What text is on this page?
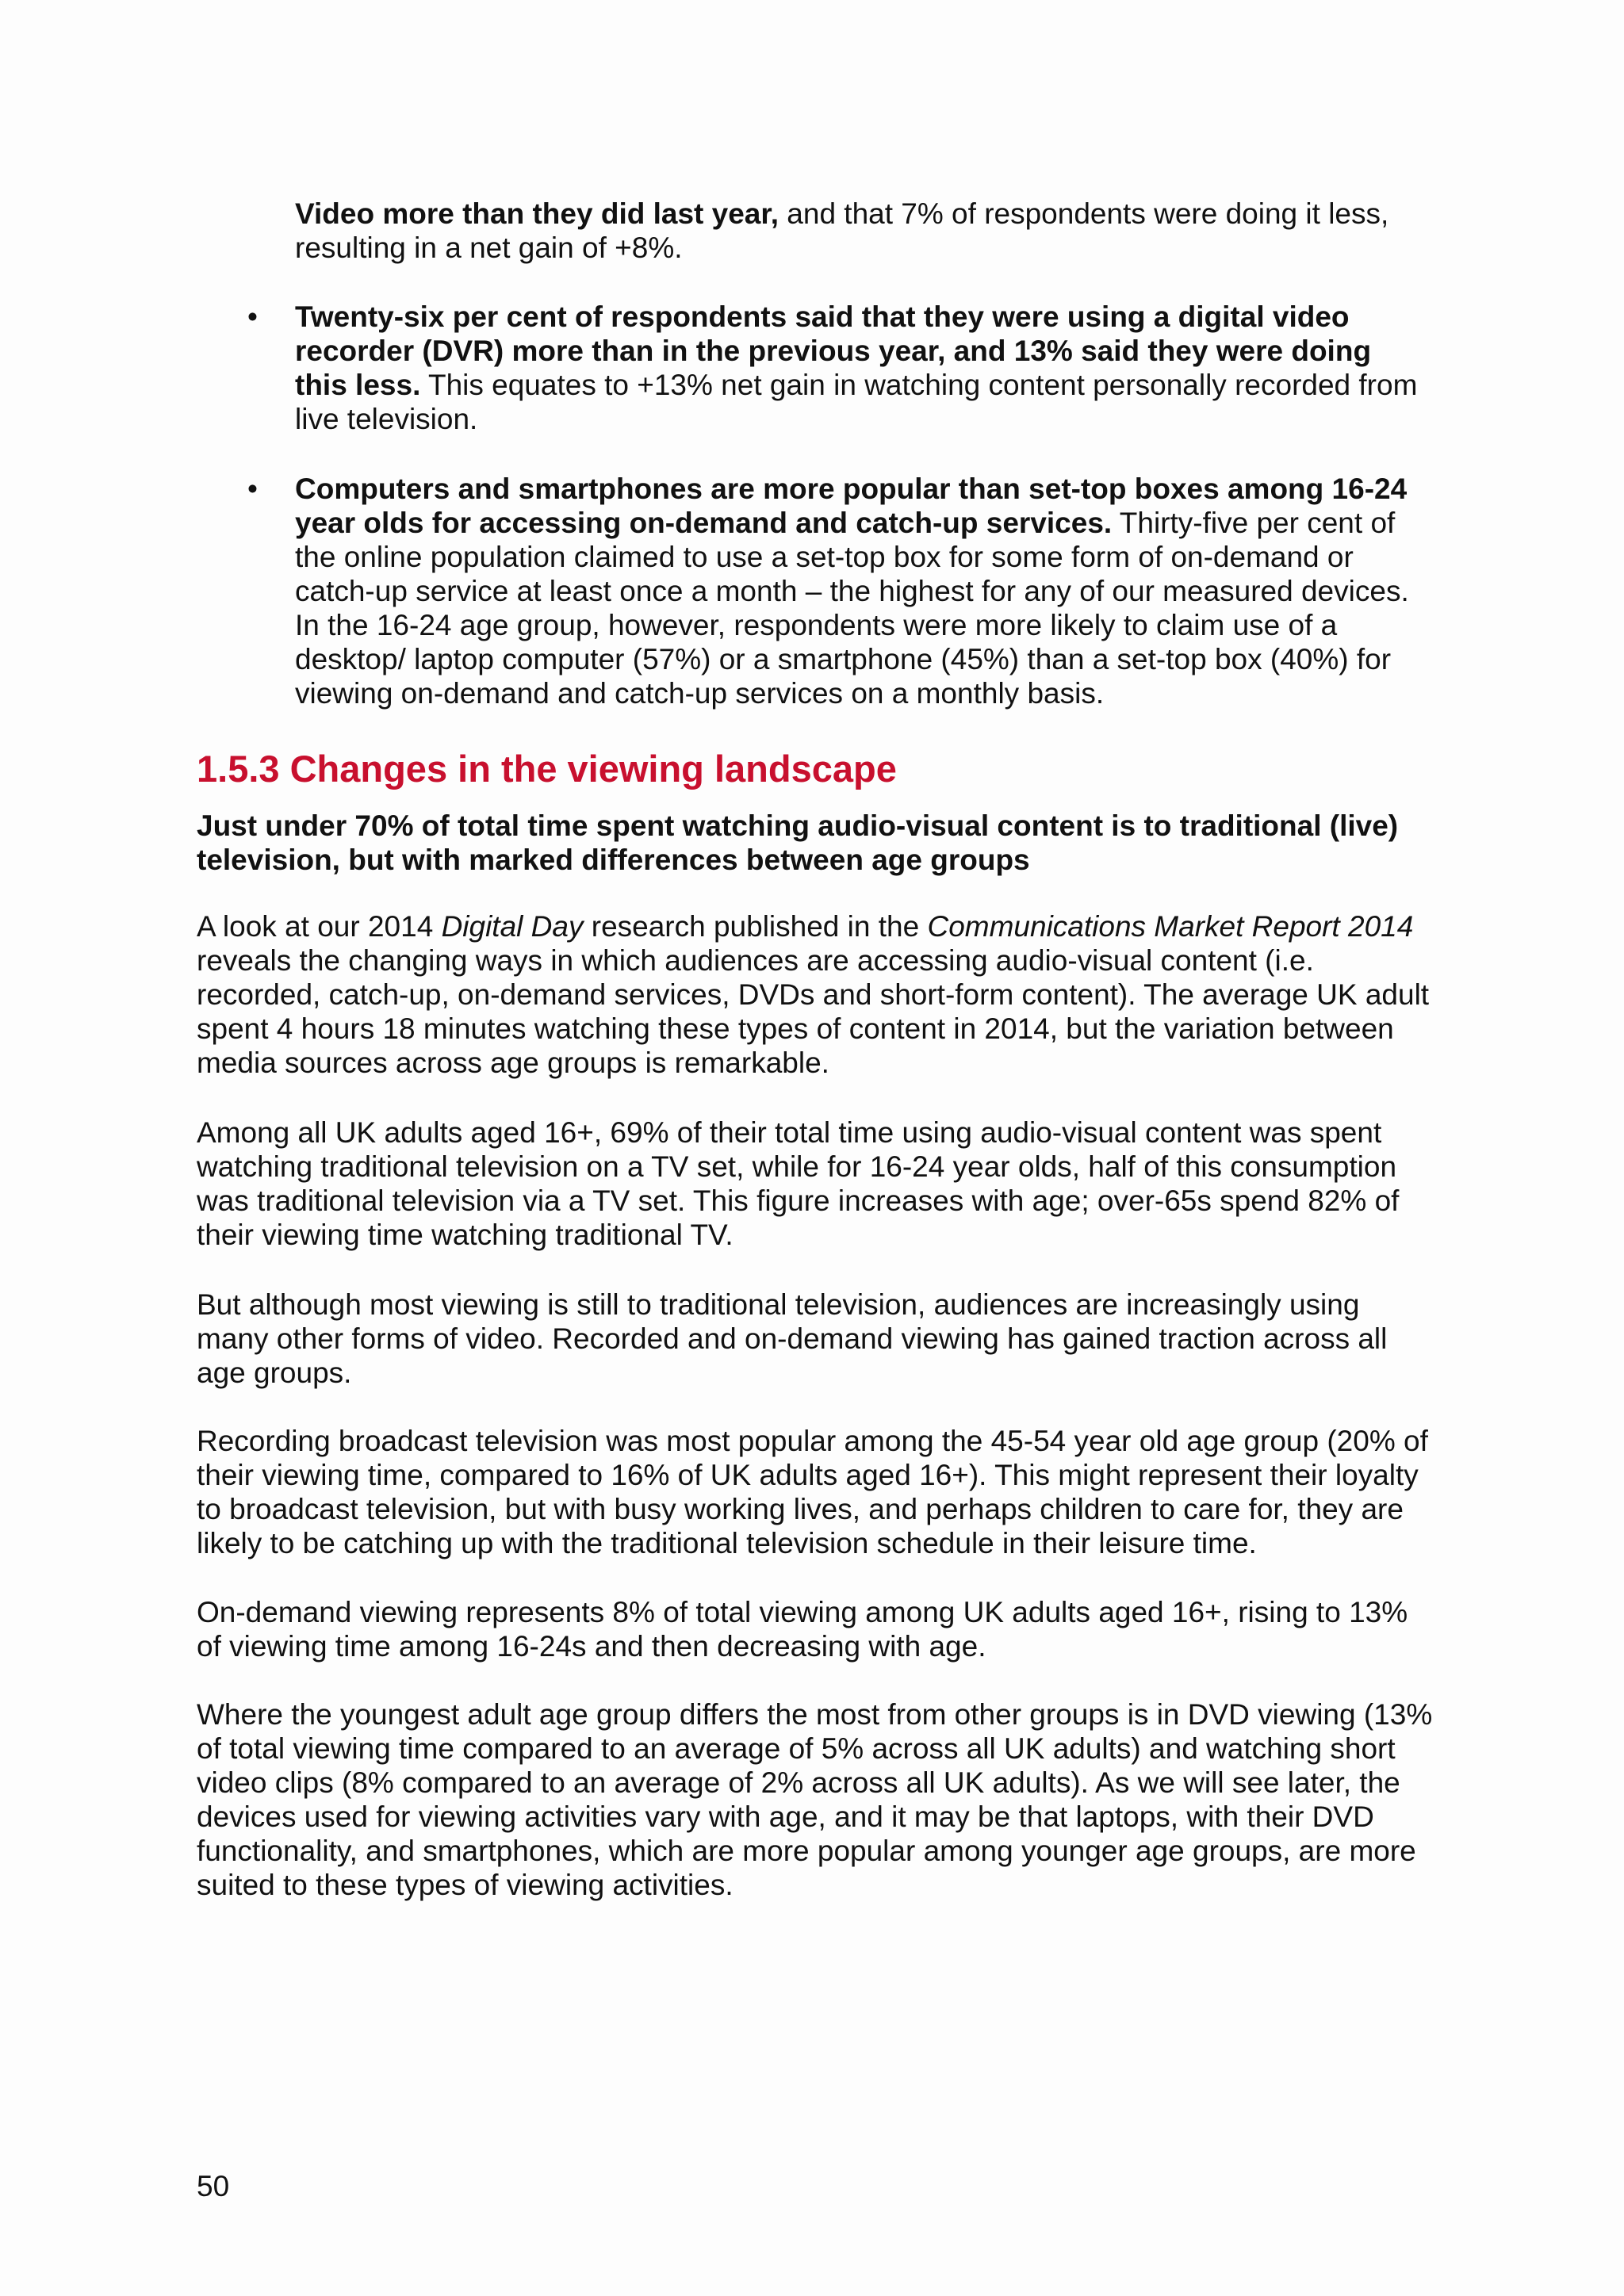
Video more than they did last year, and that 7% of respondents were doing it less, resulting in a net gain of +8%.

• Twenty-six per cent of respondents said that they were using a digital video recorder (DVR) more than in the previous year, and 13% said they were doing this less. This equates to +13% net gain in watching content personally recorded from live television.

• Computers and smartphones are more popular than set-top boxes among 16-24 year olds for accessing on-demand and catch-up services. Thirty-five per cent of the online population claimed to use a set-top box for some form of on-demand or catch-up service at least once a month – the highest for any of our measured devices. In the 16-24 age group, however, respondents were more likely to claim use of a desktop/ laptop computer (57%) or a smartphone (45%) than a set-top box (40%) for viewing on-demand and catch-up services on a monthly basis.

1.5.3 Changes in the viewing landscape

Just under 70% of total time spent watching audio-visual content is to traditional (live) television, but with marked differences between age groups

A look at our 2014 Digital Day research published in the Communications Market Report 2014 reveals the changing ways in which audiences are accessing audio-visual content (i.e. recorded, catch-up, on-demand services, DVDs and short-form content). The average UK adult spent 4 hours 18 minutes watching these types of content in 2014, but the variation between media sources across age groups is remarkable.

Among all UK adults aged 16+, 69% of their total time using audio-visual content was spent watching traditional television on a TV set, while for 16-24 year olds, half of this consumption was traditional television via a TV set. This figure increases with age; over-65s spend 82% of their viewing time watching traditional TV.

But although most viewing is still to traditional television, audiences are increasingly using many other forms of video. Recorded and on-demand viewing has gained traction across all age groups.

Recording broadcast television was most popular among the 45-54 year old age group (20% of their viewing time, compared to 16% of UK adults aged 16+). This might represent their loyalty to broadcast television, but with busy working lives, and perhaps children to care for, they are likely to be catching up with the traditional television schedule in their leisure time.

On-demand viewing represents 8% of total viewing among UK adults aged 16+, rising to 13% of viewing time among 16-24s and then decreasing with age.

Where the youngest adult age group differs the most from other groups is in DVD viewing (13% of total viewing time compared to an average of 5% across all UK adults) and watching short video clips (8% compared to an average of 2% across all UK adults). As we will see later, the devices used for viewing activities vary with age, and it may be that laptops, with their DVD functionality, and smartphones, which are more popular among younger age groups, are more suited to these types of viewing activities.

50
